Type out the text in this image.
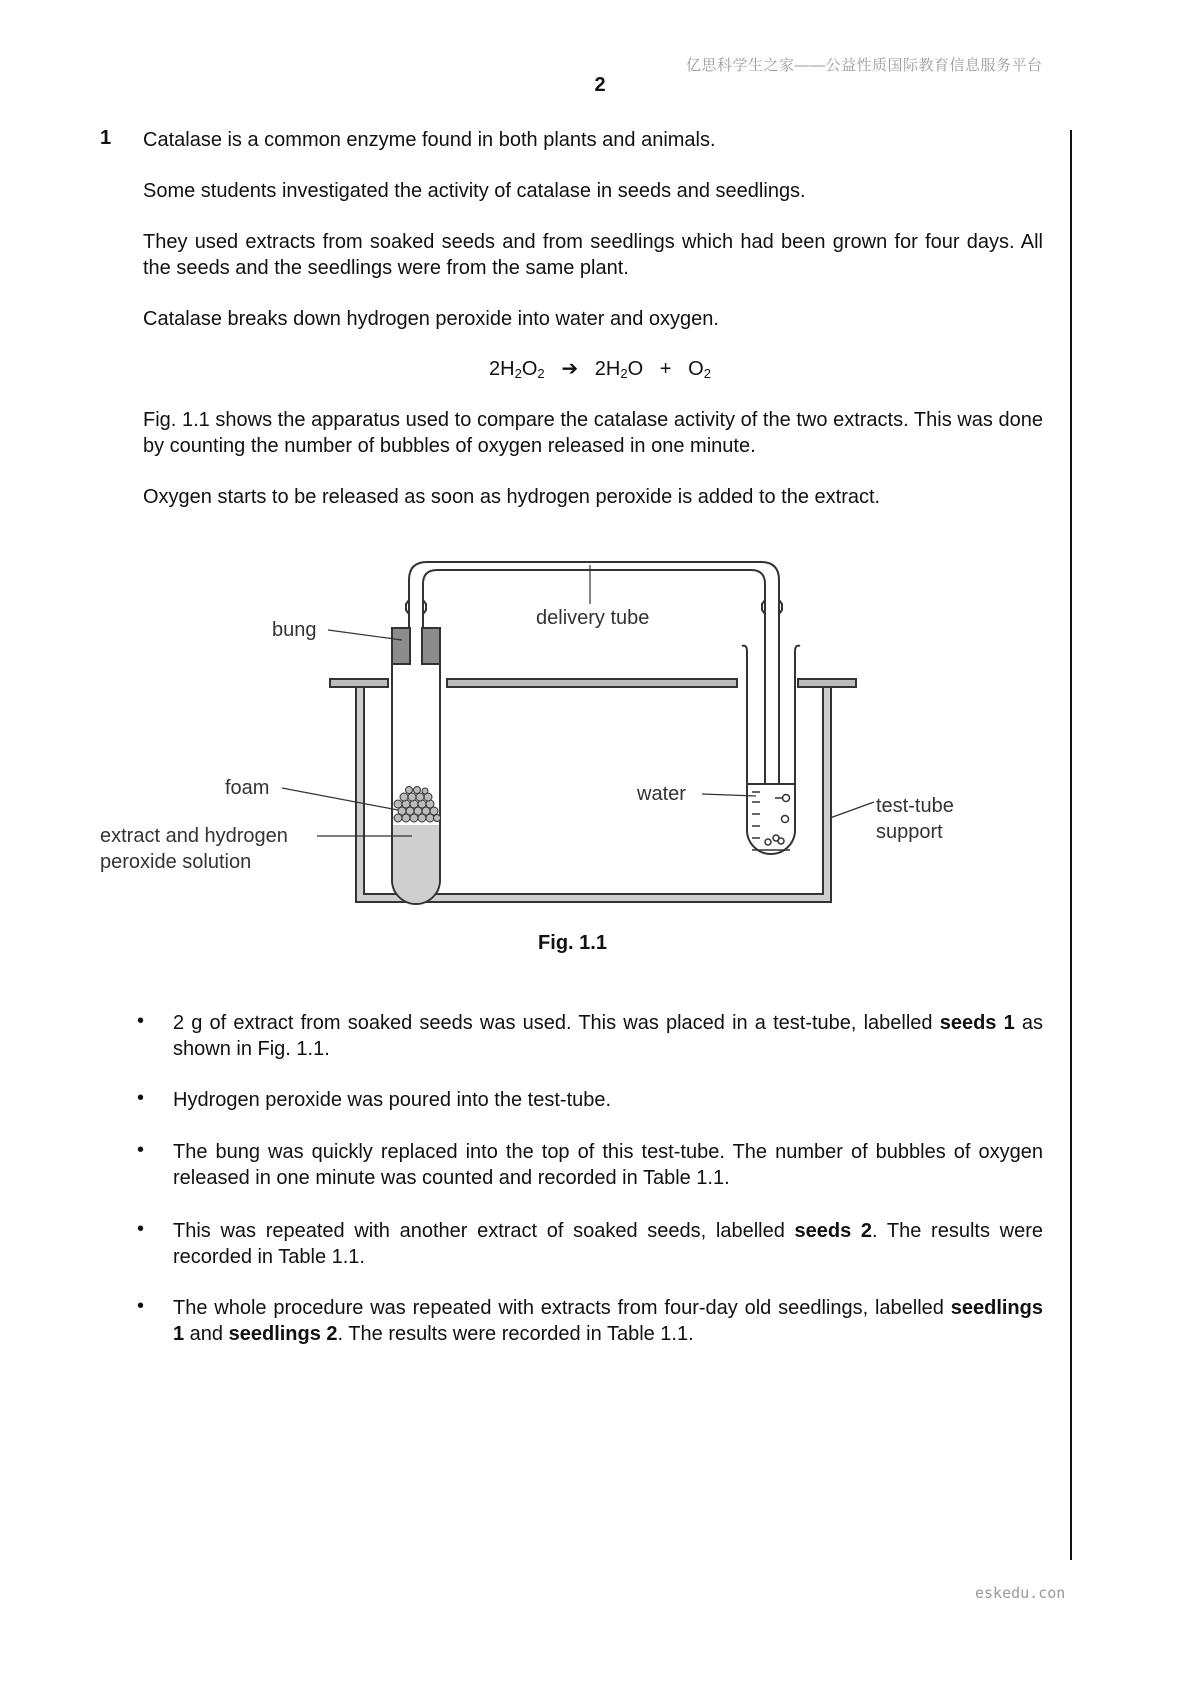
亿思科学生之家——公益性质国际教育信息服务平台
2
1 Catalase is a common enzyme found in both plants and animals.
Some students investigated the activity of catalase in seeds and seedlings.
They used extracts from soaked seeds and from seedlings which had been grown for four days. All the seeds and the seedlings were from the same plant.
Catalase breaks down hydrogen peroxide into water and oxygen.
$2H_2O_2$ ➔ $2H_2O + O_2$
Fig. 1.1 shows the apparatus used to compare the catalase activity of the two extracts. This was done by counting the number of bubbles of oxygen released in one minute.
Oxygen starts to be released as soon as hydrogen peroxide is added to the extract.
bung
delivery tube
foam
extract and hydrogen
peroxide solution
water
test-tube
support
Fig. 1.1
• 2 g of extract from soaked seeds was used. This was placed in a test-tube, labelled seeds 1 as shown in Fig. 1.1.
• Hydrogen peroxide was poured into the test-tube.
• The bung was quickly replaced into the top of this test-tube. The number of bubbles of oxygen released in one minute was counted and recorded in Table 1.1.
• This was repeated with another extract of soaked seeds, labelled seeds 2. The results were recorded in Table 1.1.
• The whole procedure was repeated with extracts from four-day old seedlings, labelled seedlings 1 and seedlings 2. The results were recorded in Table 1.1.
eskedu.con
